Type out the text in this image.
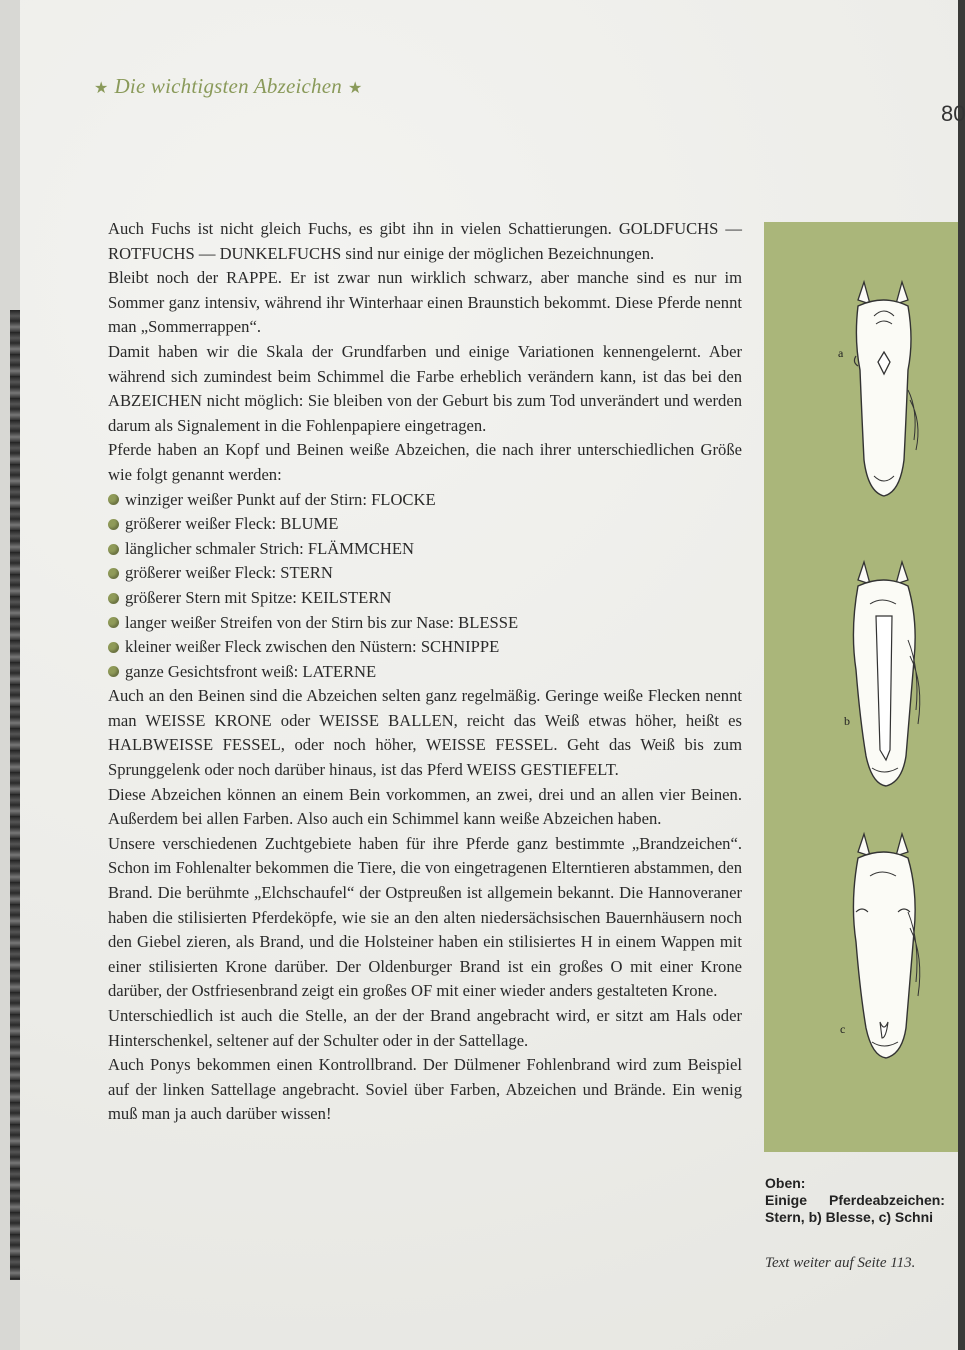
★ Die wichtigsten Abzeichen ★
80

Auch Fuchs ist nicht gleich Fuchs, es gibt ihn in vielen Schattierungen. GOLDFUCHS — ROTFUCHS — DUNKELFUCHS sind nur einige der möglichen Bezeichnungen.

Bleibt noch der RAPPE. Er ist zwar nun wirklich schwarz, aber manche sind es nur im Sommer ganz intensiv, während ihr Winterhaar einen Braunstich bekommt. Diese Pferde nennt man „Sommerrappen“.

Damit haben wir die Skala der Grundfarben und einige Variationen kennengelernt. Aber während sich zumindest beim Schimmel die Farbe erheblich verändern kann, ist das bei den ABZEICHEN nicht möglich: Sie bleiben von der Geburt bis zum Tod unverändert und werden darum als Signalement in die Fohlenpapiere eingetragen.

Pferde haben an Kopf und Beinen weiße Abzeichen, die nach ihrer unterschiedlichen Größe wie folgt genannt werden:

winziger weißer Punkt auf der Stirn: FLOCKE
größerer weißer Fleck: BLUME
länglicher schmaler Strich: FLÄMMCHEN
größerer weißer Fleck: STERN
größerer Stern mit Spitze: KEILSTERN
langer weißer Streifen von der Stirn bis zur Nase: BLESSE
kleiner weißer Fleck zwischen den Nüstern: SCHNIPPE
ganze Gesichtsfront weiß: LATERNE

Auch an den Beinen sind die Abzeichen selten ganz regelmäßig. Geringe weiße Flecken nennt man WEISSE KRONE oder WEISSE BALLEN, reicht das Weiß etwas höher, heißt es HALBWEISSE FESSEL, oder noch höher, WEISSE FESSEL. Geht das Weiß bis zum Sprunggelenk oder noch darüber hinaus, ist das Pferd WEISS GESTIEFELT.

Diese Abzeichen können an einem Bein vorkommen, an zwei, drei und an allen vier Beinen. Außerdem bei allen Farben. Also auch ein Schimmel kann weiße Abzeichen haben.

Unsere verschiedenen Zuchtgebiete haben für ihre Pferde ganz bestimmte „Brandzeichen“. Schon im Fohlenalter bekommen die Tiere, die von eingetragenen Elterntieren abstammen, den Brand. Die berühmte „Elchschaufel“ der Ostpreußen ist allgemein bekannt. Die Hannoveraner haben die stilisierten Pferdeköpfe, wie sie an den alten niedersächsischen Bauernhäusern noch den Giebel zieren, als Brand, und die Holsteiner haben ein stilisiertes H in einem Wappen mit einer stilisierten Krone darüber. Der Oldenburger Brand ist ein großes O mit einer Krone darüber, der Ostfriesenbrand zeigt ein großes OF mit einer wieder anders gestalteten Krone.

Unterschiedlich ist auch die Stelle, an der der Brand angebracht wird, er sitzt am Hals oder Hinterschenkel, seltener auf der Schulter oder in der Sattellage.

Auch Ponys bekommen einen Kontrollbrand. Der Dülmener Fohlenbrand wird zum Beispiel auf der linken Sattellage angebracht. Soviel über Farben, Abzeichen und Brände. Ein wenig muß man ja auch darüber wissen!

a
b
c
Oben:
Einige Pferdeabzeichen:
Stern, b) Blesse, c) Schni
Text weiter auf Seite 113.
